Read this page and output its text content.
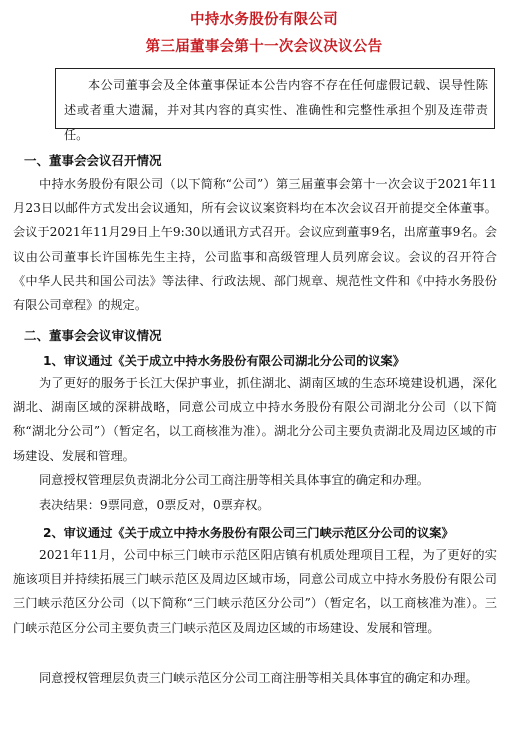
中持水务股份有限公司
第三届董事会第十一次会议决议公告
本公司董事会及全体董事保证本公告内容不存在任何虚假记载、误导性陈述或者重大遗漏，并对其内容的真实性、准确性和完整性承担个别及连带责任。
一、董事会会议召开情况

中持水务股份有限公司（以下简称“公司”）第三届董事会第十一次会议于2021年11月23日以邮件方式发出会议通知，所有会议议案资料均在本次会议召开前提交全体董事。会议于2021年11月29日上午9:30以通讯方式召开。会议应到董事9名，出席董事9名。会议由公司董事长许国栋先生主持，公司监事和高级管理人员列席会议。会议的召开符合《中华人民共和国公司法》等法律、行政法规、部门规章、规范性文件和《中持水务股份有限公司章程》的规定。

二、董事会会议审议情况
1、审议通过《关于成立中持水务股份有限公司湖北分公司的议案》

为了更好的服务于长江大保护事业，抓住湖北、湖南区域的生态环境建设机遇，深化湖北、湖南区域的深耕战略，同意公司成立中持水务股份有限公司湖北分公司（以下简称“湖北分公司”）（暂定名，以工商核准为准）。湖北分公司主要负责湖北及周边区域的市场建设、发展和管理。

同意授权管理层负责湖北分公司工商注册等相关具体事宜的确定和办理。

表决结果：9票同意，0票反对，0票弃权。

2、审议通过《关于成立中持水务股份有限公司三门峡示范区分公司的议案》

2021年11月，公司中标三门峡市示范区阳店镇有机质处理项目工程，为了更好的实施该项目并持续拓展三门峡示范区及周边区域市场，同意公司成立中持水务股份有限公司三门峡示范区分公司（以下简称“三门峡示范区分公司”）（暂定名，以工商核准为准）。三门峡示范区分公司主要负责三门峡示范区及周边区域的市场建设、发展和管理。

同意授权管理层负责三门峡示范区分公司工商注册等相关具体事宜的确定和办理。
